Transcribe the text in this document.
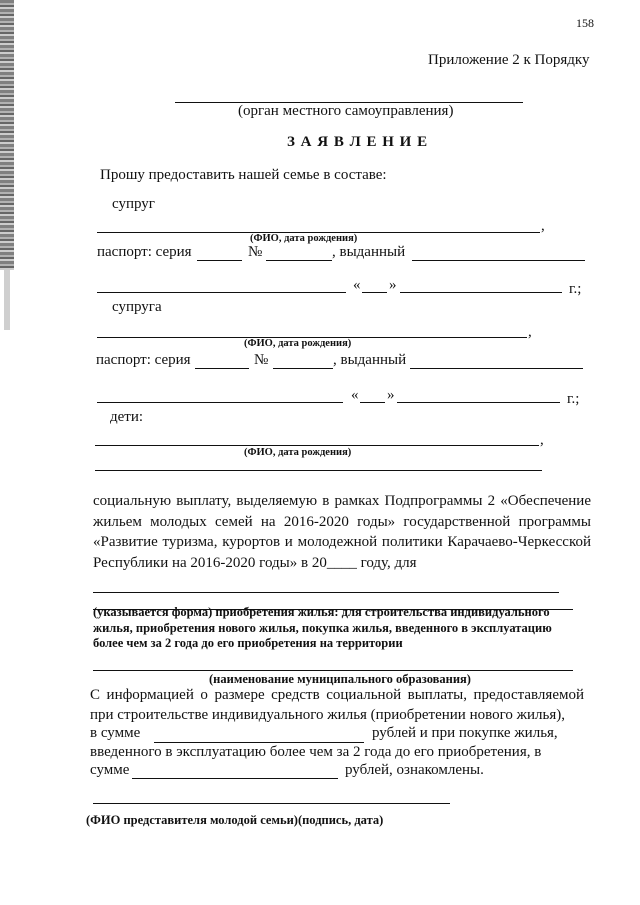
158
Приложение 2 к Порядку
(орган местного самоуправления)
З А Я В Л Е Н И Е
Прошу предоставить нашей семье в составе:
супруг
,
(ФИО, дата рождения)
паспорт: серия	№	, выданный
« »	г.;
супруга
,
(ФИО, дата рождения)
паспорт: серия	№	, выданный
« »	г.;
дети:
,
(ФИО, дата рождения)
социальную выплату, выделяемую в рамках Подпрограммы 2 «Обеспечение жильем молодых семей на 2016-2020 годы» государственной программы «Развитие туризма, курортов и молодежной политики Карачаево-Черкесской Республики на 2016-2020 годы» в 20____ году, для
(указывается форма) приобретения жилья: для строительства индивидуального жилья, приобретения нового жилья, покупка жилья, введенного в эксплуатацию более чем за 2 года до его приобретения на территории
(наименование муниципального образования)
С информацией о размере средств социальной выплаты, предоставляемой при строительстве индивидуального жилья (приобретении нового жилья),
в сумме	рублей и при покупке жилья,
введенного в эксплуатацию более чем за 2 года до его приобретения, в
сумме	рублей, ознакомлены.
(ФИО представителя молодой семьи)(подпись, дата)
